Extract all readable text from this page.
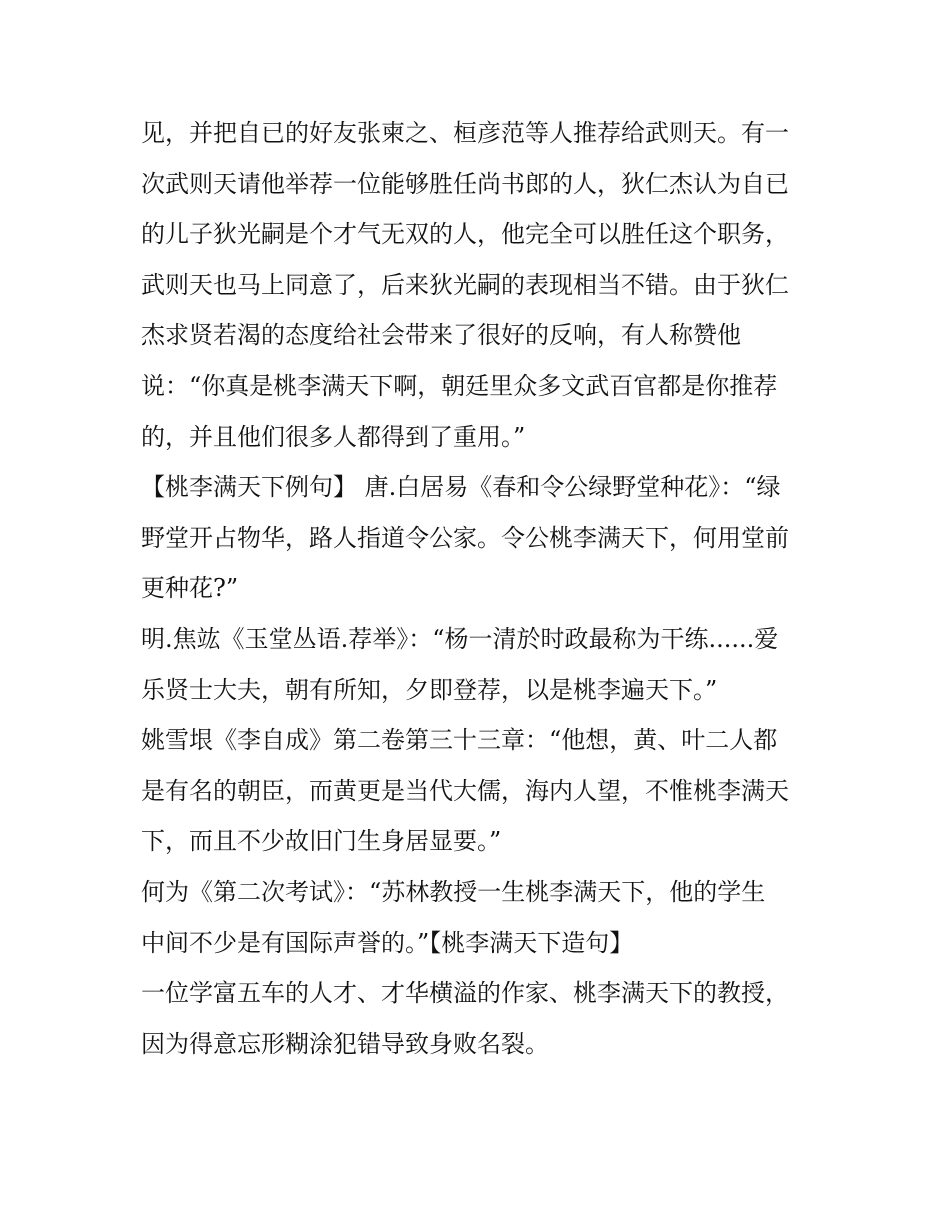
见，并把自已的好友张柬之、桓彦范等人推荐给武则天。有一
次武则天请他举荐一位能够胜任尚书郎的人，狄仁杰认为自已
的儿子狄光嗣是个才气无双的人，他完全可以胜任这个职务，
武则天也马上同意了，后来狄光嗣的表现相当不错。由于狄仁
杰求贤若渴的态度给社会带来了很好的反响，有人称赞他
说：“你真是桃李满天下啊，朝廷里众多文武百官都是你推荐
的，并且他们很多人都得到了重用。”
【桃李满天下例句】 唐.白居易《春和令公绿野堂种花》：“绿
野堂开占物华，路人指道令公家。令公桃李满天下，何用堂前
更种花?”
明.焦竑《玉堂丛语.荐举》：“杨一清於时政最称为干练......爱
乐贤士大夫，朝有所知，夕即登荐，以是桃李遍天下。”
姚雪垠《李自成》第二卷第三十三章：“他想，黄、叶二人都
是有名的朝臣，而黄更是当代大儒，海内人望，不惟桃李满天
下，而且不少故旧门生身居显要。”
何为《第二次考试》：“苏林教授一生桃李满天下，他的学生
中间不少是有国际声誉的。”【桃李满天下造句】
一位学富五车的人才、才华横溢的作家、桃李满天下的教授，
因为得意忘形糊涂犯错导致身败名裂。
